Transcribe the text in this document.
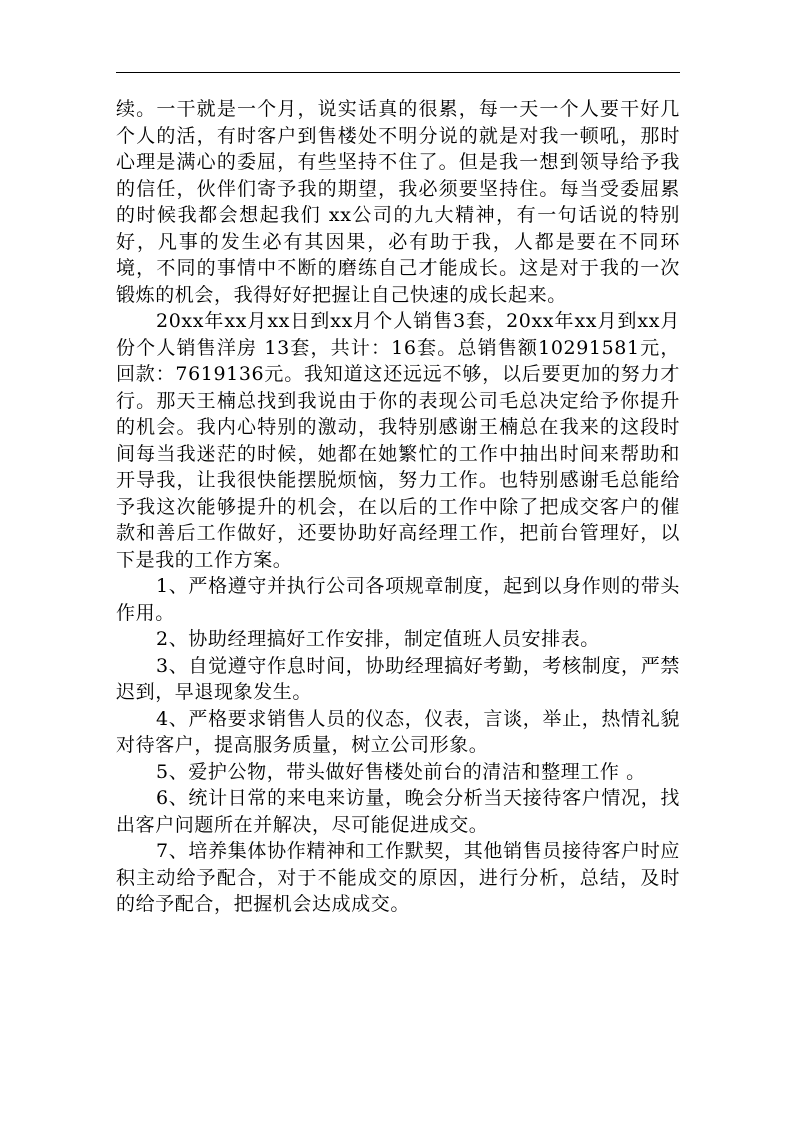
续。一干就是一个月，说实话真的很累，每一天一个人要干好几个人的活，有时客户到售楼处不明分说的就是对我一顿吼，那时心理是满心的委屈，有些坚持不住了。但是我一想到领导给予我的信任，伙伴们寄予我的期望，我必须要坚持住。每当受委屈累的时候我都会想起我们 xx公司的九大精神，有一句话说的特别好，凡事的发生必有其因果，必有助于我，人都是要在不同环境，不同的事情中不断的磨练自己才能成长。这是对于我的一次锻炼的机会，我得好好把握让自己快速的成长起来。

20xx年xx月xx日到xx月个人销售3套，20xx年xx月到xx月份个人销售洋房 13套，共计：16套。总销售额10291581元，回款：7619136元。我知道这还远远不够，以后要更加的努力才行。那天王楠总找到我说由于你的表现公司毛总决定给予你提升的机会。我内心特别的激动，我特别感谢王楠总在我来的这段时间每当我迷茫的时候，她都在她繁忙的工作中抽出时间来帮助和开导我，让我很快能摆脱烦恼，努力工作。也特别感谢毛总能给予我这次能够提升的机会，在以后的工作中除了把成交客户的催款和善后工作做好，还要协助好高经理工作，把前台管理好，以下是我的工作方案。

1、严格遵守并执行公司各项规章制度，起到以身作则的带头作用。

2、协助经理搞好工作安排，制定值班人员安排表。

3、自觉遵守作息时间，协助经理搞好考勤，考核制度，严禁迟到，早退现象发生。

4、严格要求销售人员的仪态，仪表，言谈，举止，热情礼貌对待客户，提高服务质量，树立公司形象。

5、爱护公物，带头做好售楼处前台的清洁和整理工作 。

6、统计日常的来电来访量，晚会分析当天接待客户情况，找出客户问题所在并解决，尽可能促进成交。

7、培养集体协作精神和工作默契，其他销售员接待客户时应积主动给予配合，对于不能成交的原因，进行分析，总结，及时的给予配合，把握机会达成成交。
